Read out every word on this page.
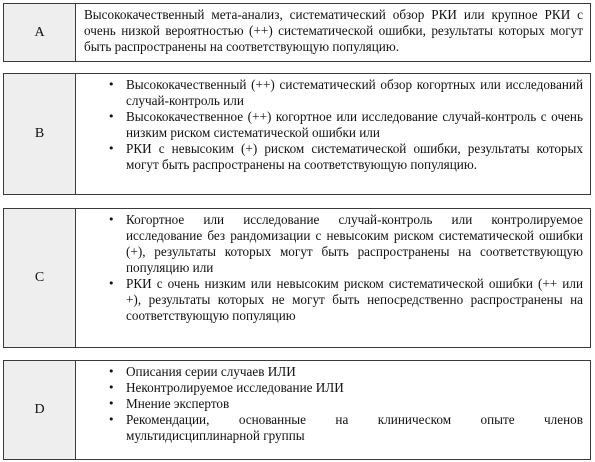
A

Высококачественный мета-анализ, систематический обзор РКИ или крупное РКИ с очень низкой вероятностью (++) систематической ошибки, результаты которых могут быть распространены на соответствующую популяцию.

B
• Высококачественный (++) систематический обзор когортных или исследований случай-контроль или
• Высококачественное (++) когортное или исследование случай-контроль с очень низким риском систематической ошибки или
• РКИ с невысоким (+) риском систематической ошибки, результаты которых могут быть распространены на соответствующую популяцию.
C
• Когортное или исследование случай-контроль или контролируемое исследование без рандомизации с невысоким риском систематической ошибки (+), результаты которых могут быть распространены на соответствующую популяцию или
• РКИ с очень низким или невысоким риском систематической ошибки (++ или +), результаты которых не могут быть непосредственно распространены на соответствующую популяцию
D
• Описания серии случаев ИЛИ
• Неконтролируемое исследование ИЛИ
• Мнение экспертов
• Рекомендации, основанные на клиническом опыте членов мультидисциплинарной группы
